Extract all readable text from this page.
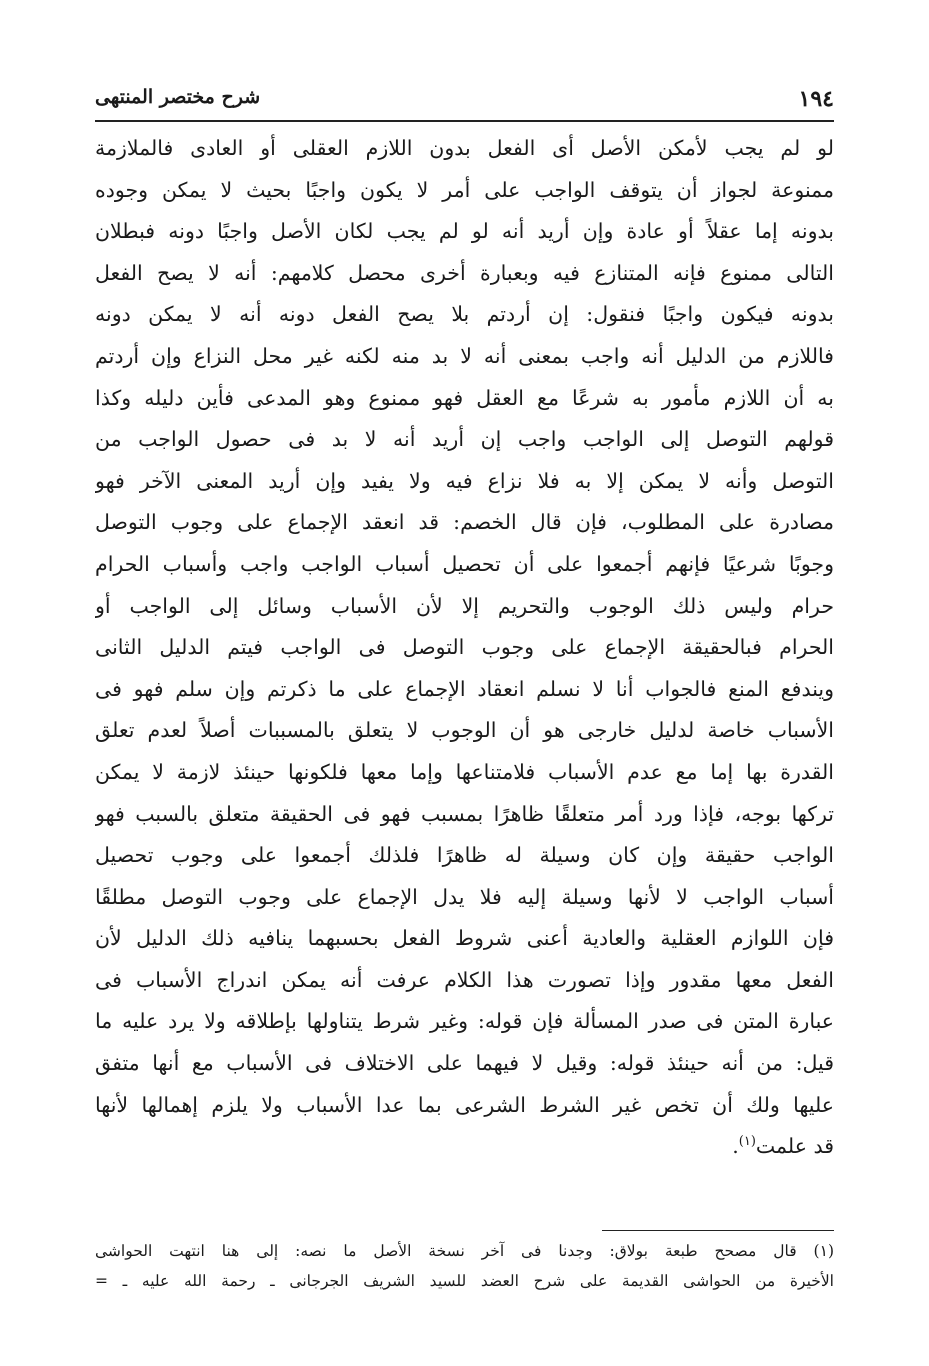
١٩٤
شرح مختصر المنتهى
لو لم يجب لأمكن الأصل أى الفعل بدون اللازم العقلى أو العادى فالملازمة
ممنوعة لجواز أن يتوقف الواجب على أمر لا يكون واجبًا بحيث لا يمكن وجوده
بدونه إما عقلاً أو عادة وإن أريد أنه لو لم يجب لكان الأصل واجبًا دونه فبطلان
التالى ممنوع فإنه المتنازع فيه وبعبارة أخرى محصل كلامهم: أنه لا يصح الفعل
بدونه فيكون واجبًا فنقول: إن أردتم بلا يصح الفعل دونه أنه لا يمكن دونه
فاللازم من الدليل أنه واجب بمعنى أنه لا بد منه لكنه غير محل النزاع وإن أردتم
به أن اللازم مأمور به شرعًا مع العقل فهو ممنوع وهو المدعى فأين دليله وكذا
قولهم التوصل إلى الواجب واجب إن أريد أنه لا بد فى حصول الواجب من
التوصل وأنه لا يمكن إلا به فلا نزاع فيه ولا يفيد وإن أريد المعنى الآخر فهو
مصادرة على المطلوب، فإن قال الخصم: قد انعقد الإجماع على وجوب التوصل
وجوبًا شرعيًا فإنهم أجمعوا على أن تحصيل أسباب الواجب واجب وأسباب الحرام
حرام وليس ذلك الوجوب والتحريم إلا لأن الأسباب وسائل إلى الواجب أو
الحرام فبالحقيقة الإجماع على وجوب التوصل فى الواجب فيتم الدليل الثانى
ويندفع المنع فالجواب أنا لا نسلم انعقاد الإجماع على ما ذكرتم وإن سلم فهو فى
الأسباب خاصة لدليل خارجى هو أن الوجوب لا يتعلق بالمسببات أصلاً لعدم تعلق
القدرة بها إما مع عدم الأسباب فلامتناعها وإما معها فلكونها حينئذ لازمة لا يمكن
تركها بوجه، فإذا ورد أمر متعلقًا ظاهرًا بمسبب فهو فى الحقيقة متعلق بالسبب فهو
الواجب حقيقة وإن كان وسيلة له ظاهرًا فلذلك أجمعوا على وجوب تحصيل
أسباب الواجب لا لأنها وسيلة إليه فلا يدل الإجماع على وجوب التوصل مطلقًا
فإن اللوازم العقلية والعادية أعنى شروط الفعل بحسبهما ينافيه ذلك الدليل لأن
الفعل معها مقدور وإذا تصورت هذا الكلام عرفت أنه يمكن اندراج الأسباب فى
عبارة المتن فى صدر المسألة فإن قوله: وغير شرط يتناولها بإطلاقه ولا يرد عليه ما
قيل: من أنه حينئذ قوله: وقيل لا فيهما على الاختلاف فى الأسباب مع أنها متفق
عليها ولك أن تخص غير الشرط الشرعى بما عدا الأسباب ولا يلزم إهمالها لأنها
قد علمت$^{(١)}$.
(١) قال مصحح طبعة بولاق: وجدنا فى آخر نسخة الأصل ما نصه: إلى هنا انتهت الحواشى
الأخيرة من الحواشى القديمة على شرح العضد للسيد الشريف الجرجانى ـ رحمة الله عليه ـ =
